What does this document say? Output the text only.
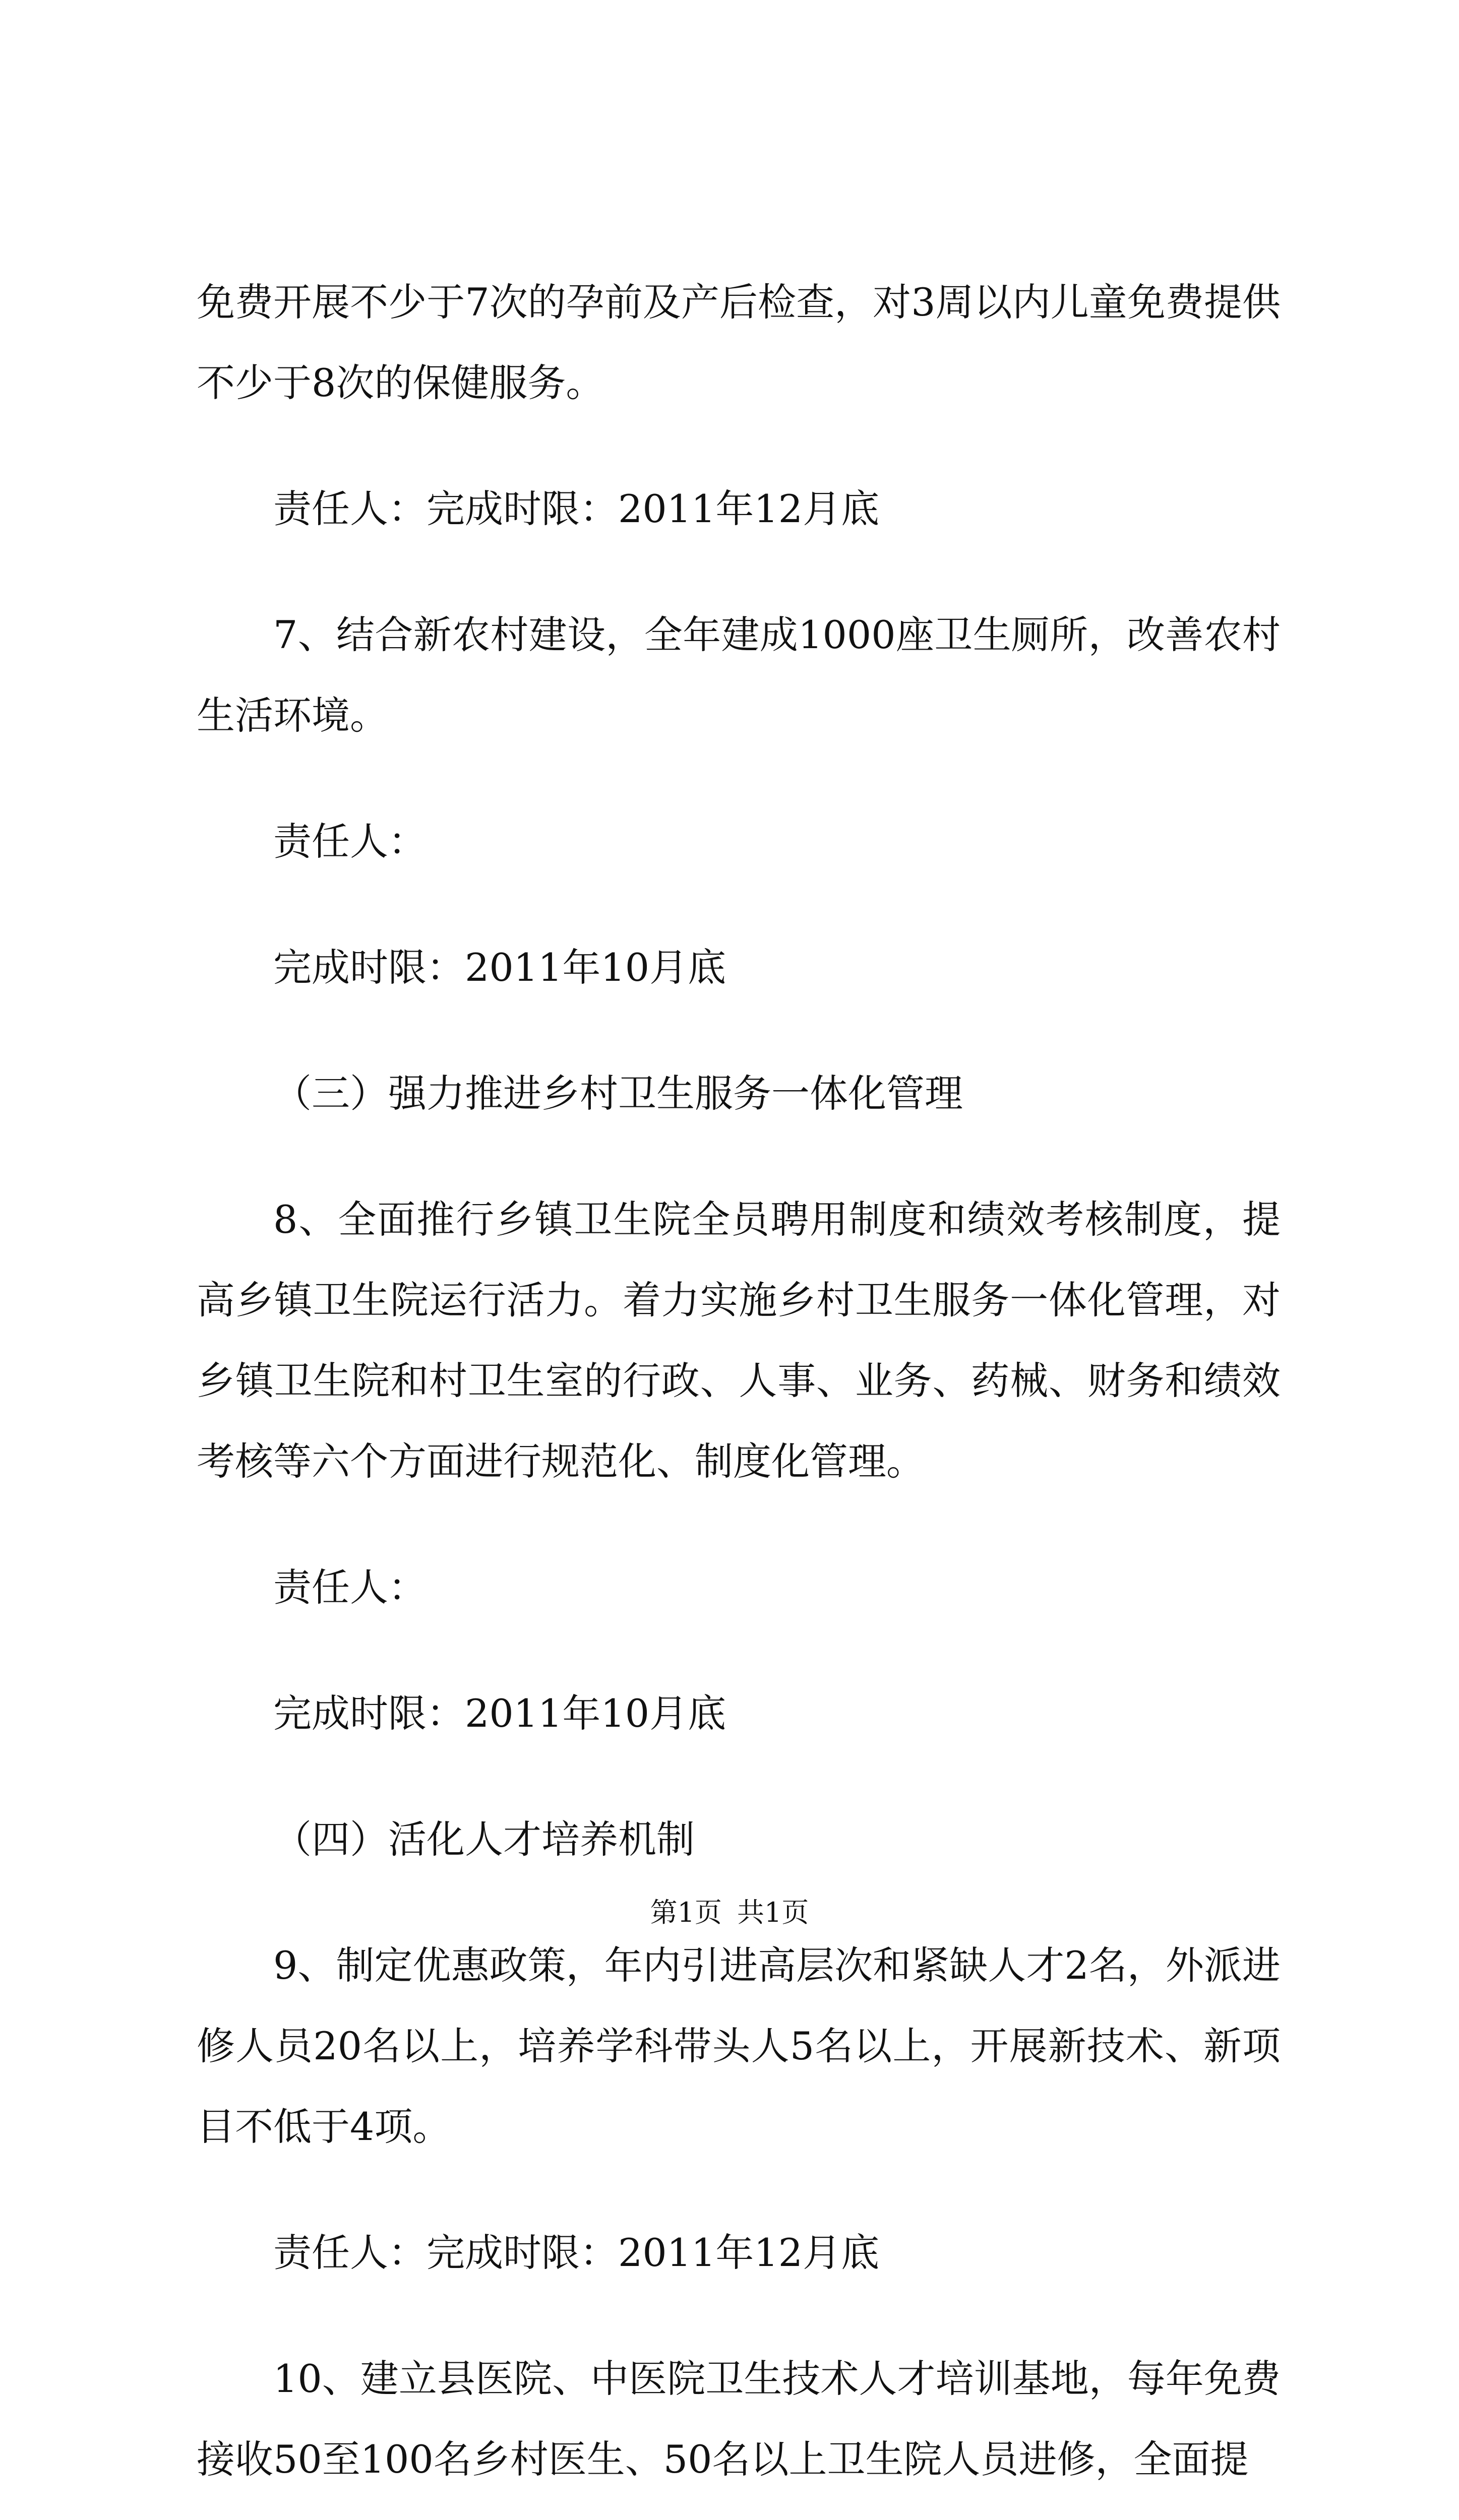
免费开展不少于7次的孕前及产后检查，对3周以内儿童免费提供不少于8次的保健服务。

责任人：完成时限：2011年12月底

7、结合新农村建设，全年建成1000座卫生厕所，改善农村生活环境。

责任人：

完成时限：2011年10月底

（三）强力推进乡村卫生服务一体化管理

8、全面推行乡镇卫生院全员聘用制度和绩效考核制度，提高乡镇卫生院运行活力。着力实施乡村卫生服务一体化管理，对乡镇卫生院和村卫生室的行政、人事、业务、药械、财务和绩效考核等六个方面进行规范化、制度化管理。

责任人：

完成时限：2011年10月底

（四）活化人才培养机制

9、制定优惠政策，年内引进高层次和紧缺人才2名，外派进修人员20名以上，培养学科带头人5名以上，开展新技术、新项目不低于4项。

责任人：完成时限：2011年12月底

10、建立县医院、中医院卫生技术人才培训基地，每年免费接收50至100名乡村医生、50名以上卫生院人员进修，全面提

第1页 共1页
